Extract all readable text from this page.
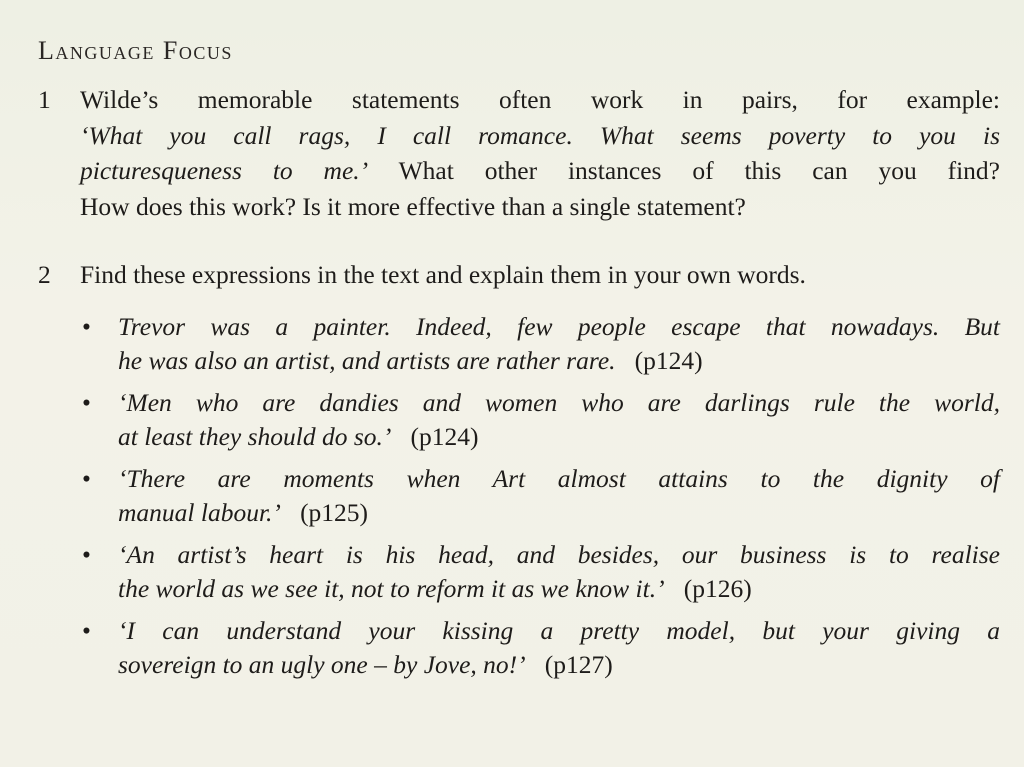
Language Focus
1 Wilde’s memorable statements often work in pairs, for example:
‘What you call rags, I call romance. What seems poverty to you is
picturesqueness to me.’ What other instances of this can you find?
How does this work? Is it more effective than a single statement?
2 Find these expressions in the text and explain them in your own words.
• Trevor was a painter. Indeed, few people escape that nowadays. But
he was also an artist, and artists are rather rare. (p124)
• ‘Men who are dandies and women who are darlings rule the world,
at least they should do so.’ (p124)
• ‘There are moments when Art almost attains to the dignity of
manual labour.’ (p125)
• ‘An artist’s heart is his head, and besides, our business is to realise
the world as we see it, not to reform it as we know it.’ (p126)
• ‘I can understand your kissing a pretty model, but your giving a
sovereign to an ugly one – by Jove, no!’ (p127)
